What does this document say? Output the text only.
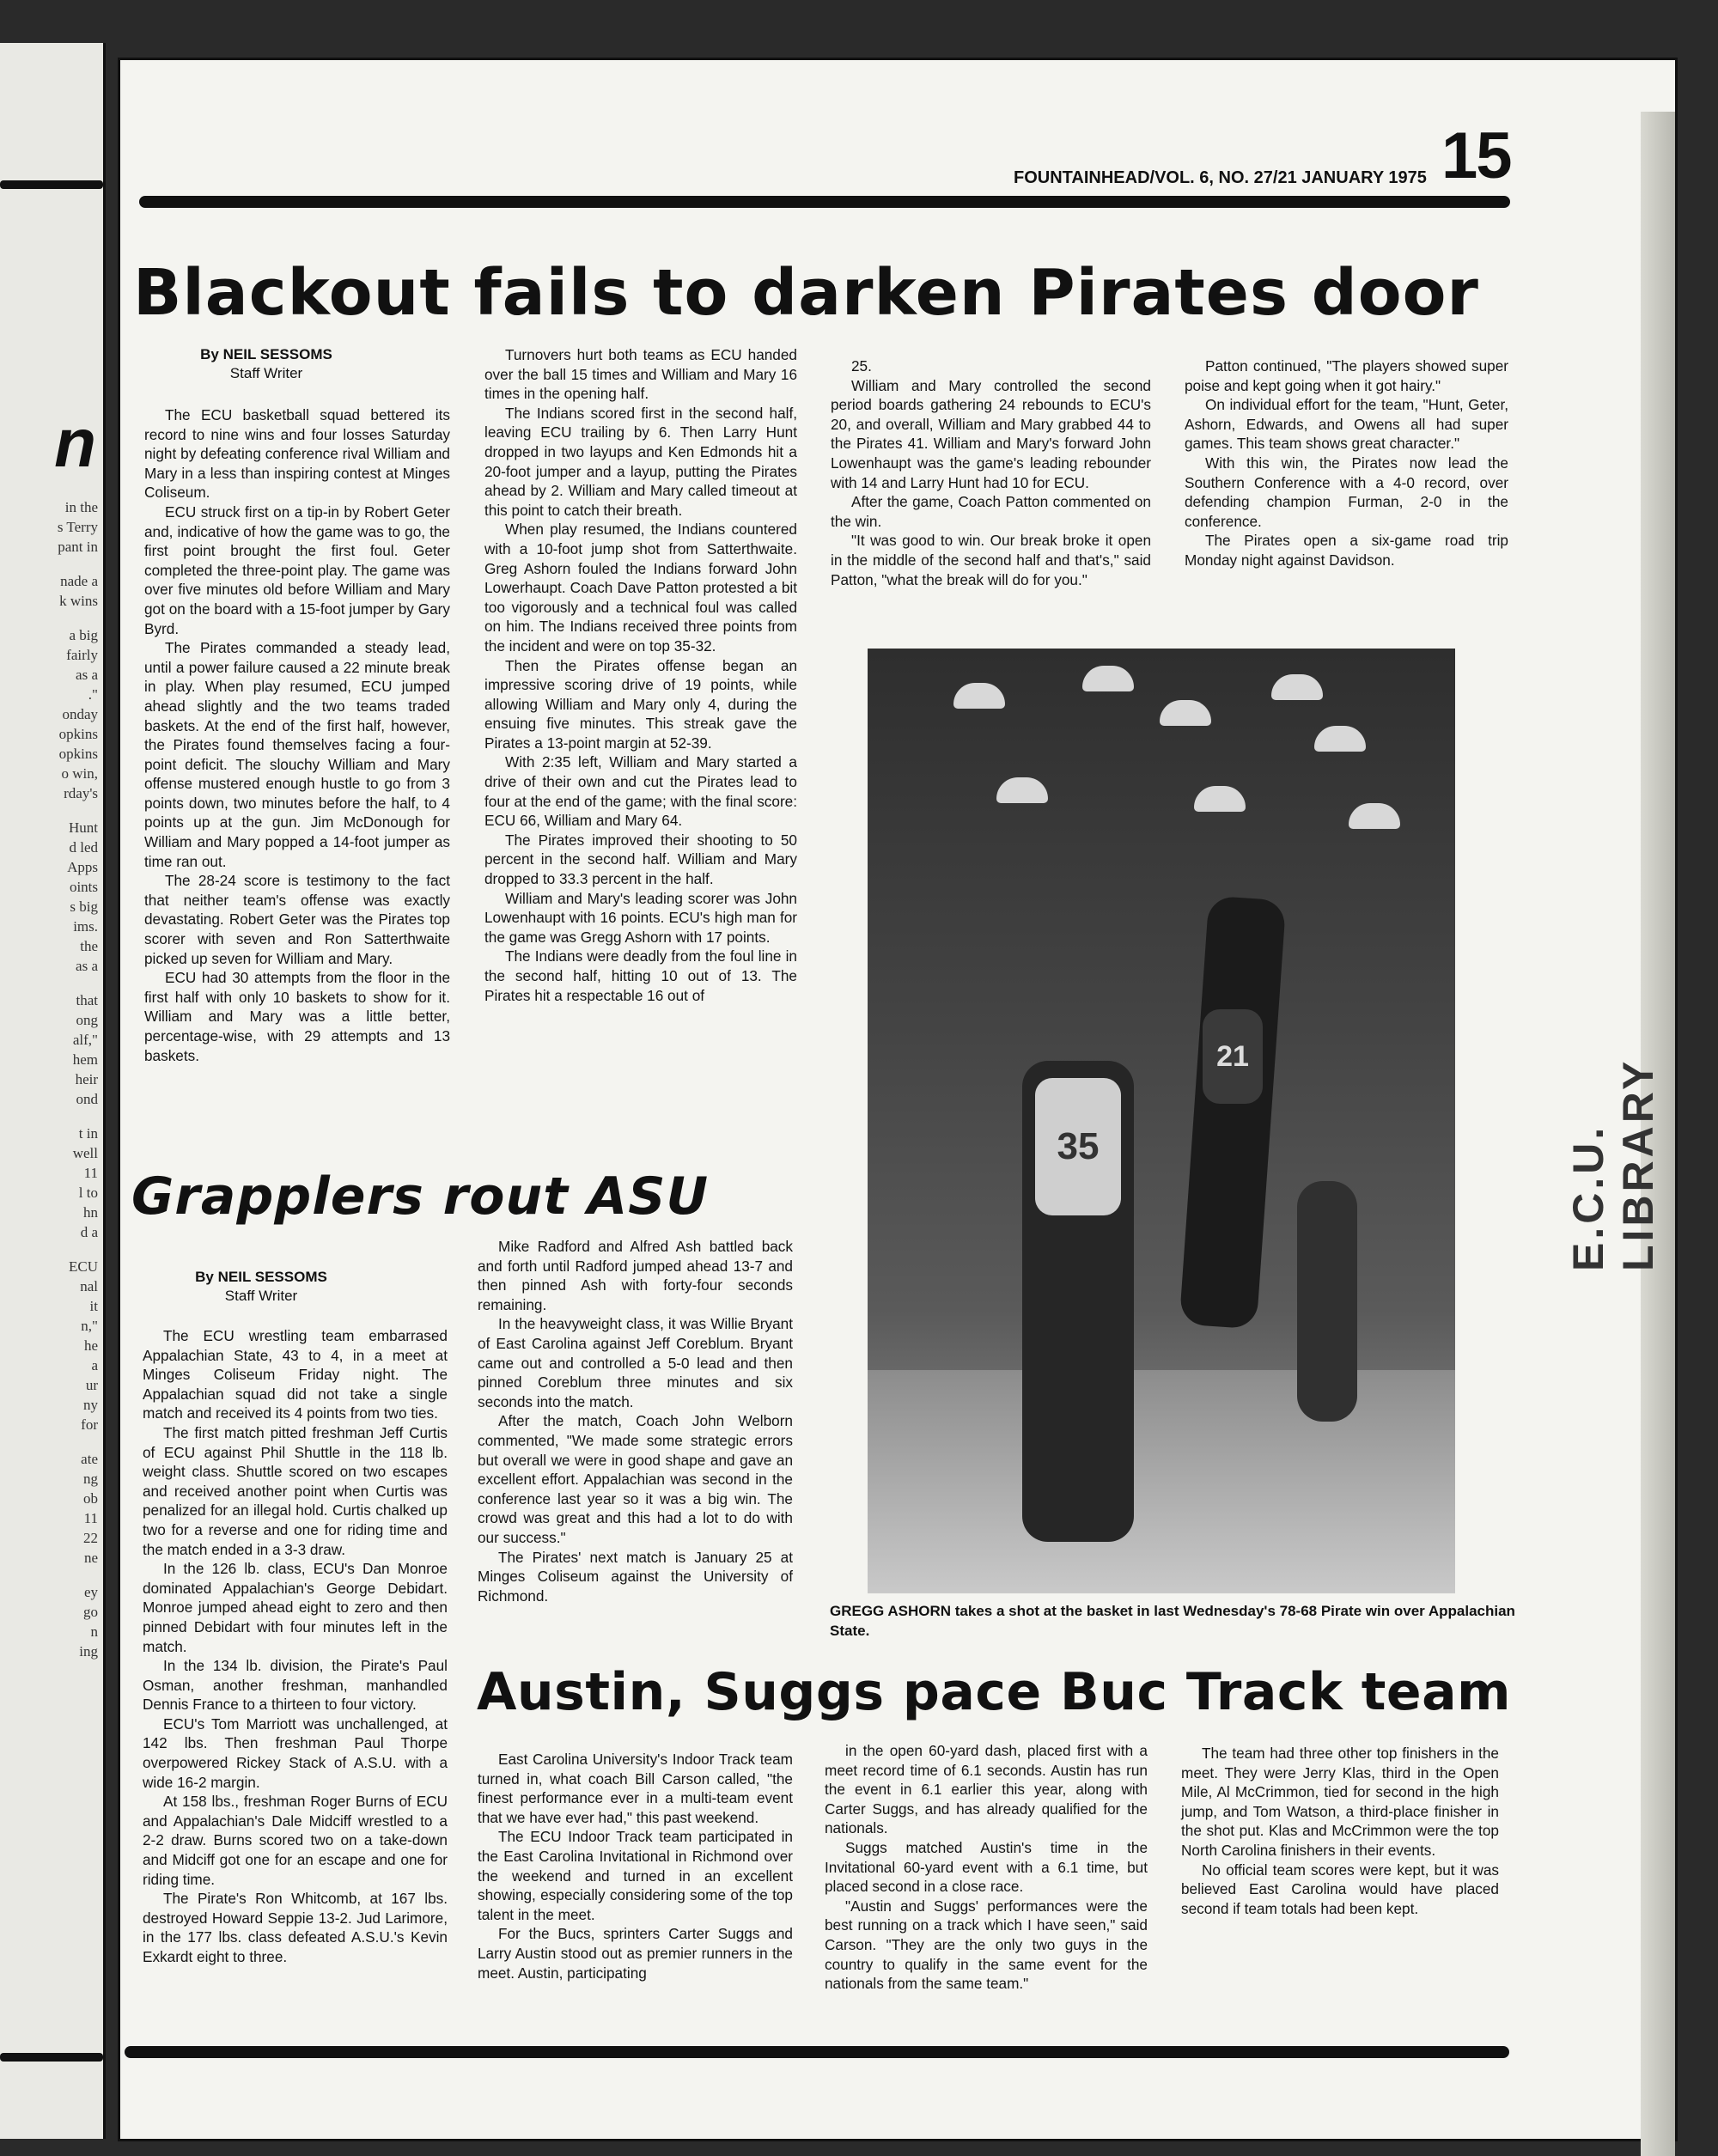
n
in the
s Terry
pant in
nade a
k wins
a big
fairly
as a
."
onday
opkins
opkins
o win,
rday's
Hunt
d led
Apps
oints
s big
ims.
the
as a
that
ong
alf,"
hem
heir
ond
t in
well
11
l to
hn
d a
ECU
nal
it
n,"
he
a
ur
ny
for
ate
ng
ob
11
22
ne
ey
go
n
ing
E.C.U. LIBRARY
FOUNTAINHEAD/VOL. 6, NO. 27/21 JANUARY 1975 15
Blackout fails to darken Pirates door
By NEIL SESSOMS
Staff Writer

The ECU basketball squad bettered its record to nine wins and four losses Saturday night by defeating conference rival William and Mary in a less than inspiring contest at Minges Coliseum.

ECU struck first on a tip-in by Robert Geter and, indicative of how the game was to go, the first point brought the first foul. Geter completed the three-point play. The game was over five minutes old before William and Mary got on the board with a 15-foot jumper by Gary Byrd.

The Pirates commanded a steady lead, until a power failure caused a 22 minute break in play. When play resumed, ECU jumped ahead slightly and the two teams traded baskets. At the end of the first half, however, the Pirates found themselves facing a four-point deficit. The slouchy William and Mary offense mustered enough hustle to go from 3 points down, two minutes before the half, to 4 points up at the gun. Jim McDonough for William and Mary popped a 14-foot jumper as time ran out.

The 28-24 score is testimony to the fact that neither team's offense was exactly devastating. Robert Geter was the Pirates top scorer with seven and Ron Satterthwaite picked up seven for William and Mary.

ECU had 30 attempts from the floor in the first half with only 10 baskets to show for it. William and Mary was a little better, percentage-wise, with 29 attempts and 13 baskets.

Turnovers hurt both teams as ECU handed over the ball 15 times and William and Mary 16 times in the opening half.

The Indians scored first in the second half, leaving ECU trailing by 6. Then Larry Hunt dropped in two layups and Ken Edmonds hit a 20-foot jumper and a layup, putting the Pirates ahead by 2. William and Mary called timeout at this point to catch their breath.

When play resumed, the Indians countered with a 10-foot jump shot from Satterthwaite. Greg Ashorn fouled the Indians forward John Lowerhaupt. Coach Dave Patton protested a bit too vigorously and a technical foul was called on him. The Indians received three points from the incident and were on top 35-32.

Then the Pirates offense began an impressive scoring drive of 19 points, while allowing William and Mary only 4, during the ensuing five minutes. This streak gave the Pirates a 13-point margin at 52-39.

With 2:35 left, William and Mary started a drive of their own and cut the Pirates lead to four at the end of the game; with the final score: ECU 66, William and Mary 64.

The Pirates improved their shooting to 50 percent in the second half. William and Mary dropped to 33.3 percent in the half.

William and Mary's leading scorer was John Lowenhaupt with 16 points. ECU's high man for the game was Gregg Ashorn with 17 points.

The Indians were deadly from the foul line in the second half, hitting 10 out of 13. The Pirates hit a respectable 16 out of

25.

William and Mary controlled the second period boards gathering 24 rebounds to ECU's 20, and overall, William and Mary grabbed 44 to the Pirates 41. William and Mary's forward John Lowenhaupt was the game's leading rebounder with 14 and Larry Hunt had 10 for ECU.

After the game, Coach Patton commented on the win.

"It was good to win. Our break broke it open in the middle of the second half and that's," said Patton, "what the break will do for you."

Patton continued, "The players showed super poise and kept going when it got hairy."

On individual effort for the team, "Hunt, Geter, Ashorn, Edwards, and Owens all had super games. This team shows great character."

With this win, the Pirates now lead the Southern Conference with a 4-0 record, over defending champion Furman, 2-0 in the conference.

The Pirates open a six-game road trip Monday night against Davidson.

21
35
GREGG ASHORN takes a shot at the basket in last Wednesday's 78-68 Pirate win over Appalachian State.
Grapplers rout ASU
By NEIL SESSOMS
Staff Writer

The ECU wrestling team embarrased Appalachian State, 43 to 4, in a meet at Minges Coliseum Friday night. The Appalachian squad did not take a single match and received its 4 points from two ties.

The first match pitted freshman Jeff Curtis of ECU against Phil Shuttle in the 118 lb. weight class. Shuttle scored on two escapes and received another point when Curtis was penalized for an illegal hold. Curtis chalked up two for a reverse and one for riding time and the match ended in a 3-3 draw.

In the 126 lb. class, ECU's Dan Monroe dominated Appalachian's George Debidart. Monroe jumped ahead eight to zero and then pinned Debidart with four minutes left in the match.

In the 134 lb. division, the Pirate's Paul Osman, another freshman, manhandled Dennis France to a thirteen to four victory.

ECU's Tom Marriott was unchallenged, at 142 lbs. Then freshman Paul Thorpe overpowered Rickey Stack of A.S.U. with a wide 16-2 margin.

At 158 lbs., freshman Roger Burns of ECU and Appalachian's Dale Midciff wrestled to a 2-2 draw. Burns scored two on a take-down and Midciff got one for an escape and one for riding time.

The Pirate's Ron Whitcomb, at 167 lbs. destroyed Howard Seppie 13-2. Jud Larimore, in the 177 lbs. class defeated A.S.U.'s Kevin Exkardt eight to three.

Mike Radford and Alfred Ash battled back and forth until Radford jumped ahead 13-7 and then pinned Ash with forty-four seconds remaining.

In the heavyweight class, it was Willie Bryant of East Carolina against Jeff Coreblum. Bryant came out and controlled a 5-0 lead and then pinned Coreblum three minutes and six seconds into the match.

After the match, Coach John Welborn commented, "We made some strategic errors but overall we were in good shape and gave an excellent effort. Appalachian was second in the conference last year so it was a big win. The crowd was great and this had a lot to do with our success."

The Pirates' next match is January 25 at Minges Coliseum against the University of Richmond.

Austin, Suggs pace Buc Track team

East Carolina University's Indoor Track team turned in, what coach Bill Carson called, "the finest performance ever in a multi-team event that we have ever had," this past weekend.

The ECU Indoor Track team participated in the East Carolina Invitational in Richmond over the weekend and turned in an excellent showing, especially considering some of the top talent in the meet.

For the Bucs, sprinters Carter Suggs and Larry Austin stood out as premier runners in the meet. Austin, participating

in the open 60-yard dash, placed first with a meet record time of 6.1 seconds. Austin has run the event in 6.1 earlier this year, along with Carter Suggs, and has already qualified for the nationals.

Suggs matched Austin's time in the Invitational 60-yard event with a 6.1 time, but placed second in a close race.

"Austin and Suggs' performances were the best running on a track which I have seen," said Carson. "They are the only two guys in the country to qualify in the same event for the nationals from the same team."

The team had three other top finishers in the meet. They were Jerry Klas, third in the Open Mile, Al McCrimmon, tied for second in the high jump, and Tom Watson, a third-place finisher in the shot put. Klas and McCrimmon were the top North Carolina finishers in their events.

No official team scores were kept, but it was believed East Carolina would have placed second if team totals had been kept.
